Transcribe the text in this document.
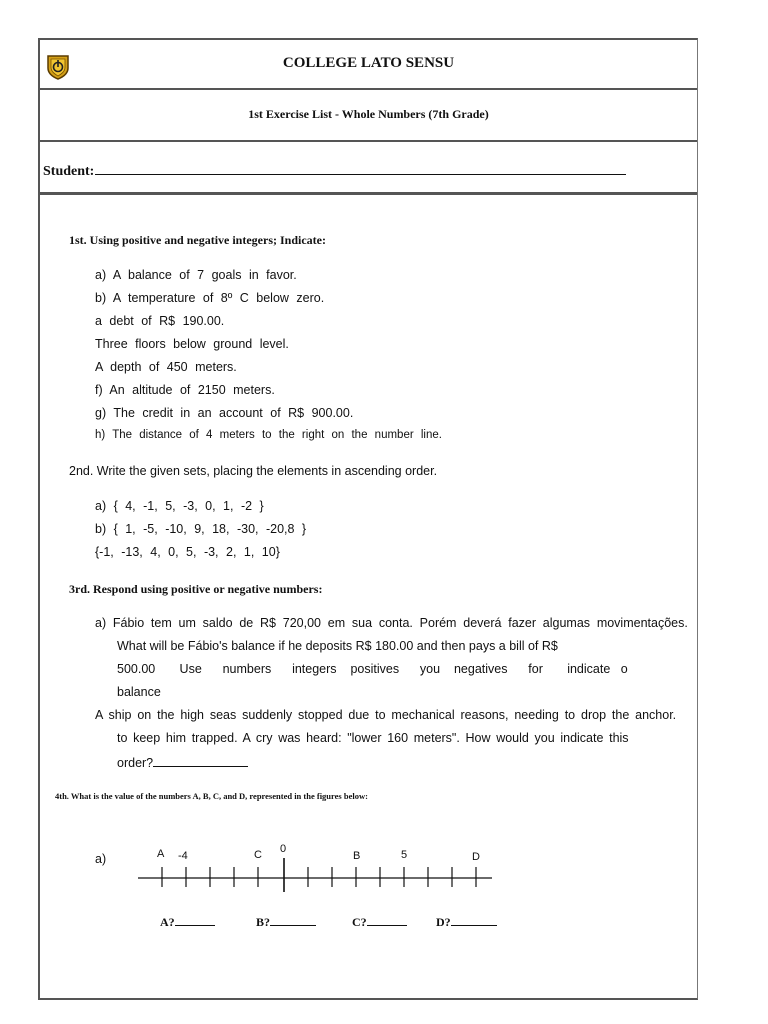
COLLEGE LATO SENSU
1st Exercise List - Whole Numbers (7th Grade)
Student:
1st. Using positive and negative integers; Indicate:
a) A balance of 7 goals in favor.
b) A temperature of 8º C below zero.
a debt of R$ 190.00.
Three floors below ground level.
A depth of 450 meters.
f) An altitude of 2150 meters.
g) The credit in an account of R$ 900.00.
h) The distance of 4 meters to the right on the number line.
2nd. Write the given sets, placing the elements in ascending order.
a) { 4, -1, 5, -3, 0, 1, -2 }
b) { 1, -5, -10, 9, 18, -30, -20,8 }
{-1, -13, 4, 0, 5, -3, 2, 1, 10}
3rd. Respond using positive or negative numbers:
a) Fábio tem um saldo de R$ 720,00 em sua conta. Porém deverá fazer algumas movimentações.
What will be Fábio's balance if he deposits R$ 180.00 and then pays a bill of R$
500.00       Use      numbers      integers    positives      you    negatives      for       indicate   o
balance
A ship on the high seas suddenly stopped due to mechanical reasons, needing to drop the anchor.
to keep him trapped. A cry was heard: "lower 160 meters". How would you indicate this
order?
4th. What is the value of the numbers A, B, C, and D, represented in the figures below:
a)	A -4	C 0
B	5	D
A?	B?	C?	D?
